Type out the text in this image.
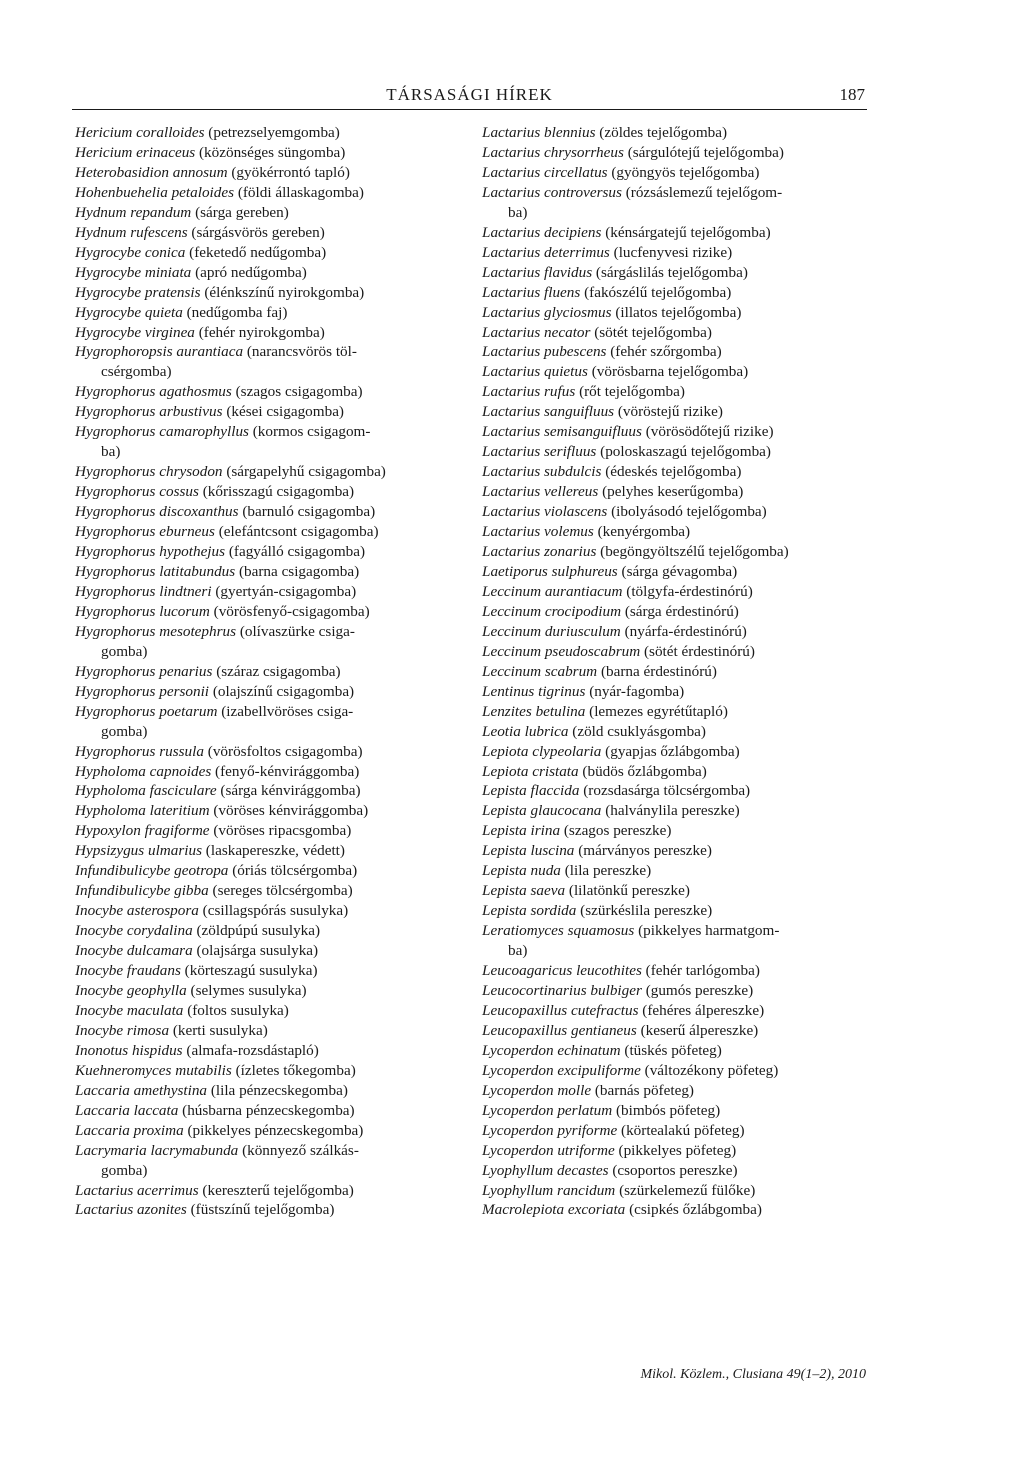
TÁRSASÁGI HÍREK	187
Hericium coralloides (petrezselyemgomba)
Hericium erinaceus (közönséges süngomba)
Heterobasidion annosum (gyökérrontó tapló)
Hohenbuehelia petaloides (földi állaskagomba)
Hydnum repandum (sárga gereben)
Hydnum rufescens (sárgásvörös gereben)
Hygrocybe conica (feketedő nedűgomba)
Hygrocybe miniata (apró nedűgomba)
Hygrocybe pratensis (élénkszínű nyirokgomba)
Hygrocybe quieta (nedűgomba faj)
Hygrocybe virginea (fehér nyirokgomba)
Hygrophoropsis aurantiaca (narancsvörös töl-
csérgomba)
Hygrophorus agathosmus (szagos csigagomba)
Hygrophorus arbustivus (kései csigagomba)
Hygrophorus camarophyllus (kormos csigagom-
ba)
Hygrophorus chrysodon (sárgapelyhű csigagomba)
Hygrophorus cossus (kőrisszagú csigagomba)
Hygrophorus discoxanthus (barnuló csigagomba)
Hygrophorus eburneus (elefántcsont csigagomba)
Hygrophorus hypothejus (fagyálló csigagomba)
Hygrophorus latitabundus (barna csigagomba)
Hygrophorus lindtneri (gyertyán-csigagomba)
Hygrophorus lucorum (vörösfenyő-csigagomba)
Hygrophorus mesotephrus (olívaszürke csiga-
gomba)
Hygrophorus penarius (száraz csigagomba)
Hygrophorus personii (olajszínű csigagomba)
Hygrophorus poetarum (izabellvöröses csiga-
gomba)
Hygrophorus russula (vörösfoltos csigagomba)
Hypholoma capnoides (fenyő-kénvirággomba)
Hypholoma fasciculare (sárga kénvirággomba)
Hypholoma lateritium (vöröses kénvirággomba)
Hypoxylon fragiforme (vöröses ripacsgomba)
Hypsizygus ulmarius (laskapereszke, védett)
Infundibulicybe geotropa (óriás tölcsérgomba)
Infundibulicybe gibba (sereges tölcsérgomba)
Inocybe asterospora (csillagspórás susulyka)
Inocybe corydalina (zöldpúpú susulyka)
Inocybe dulcamara (olajsárga susulyka)
Inocybe fraudans (körteszagú susulyka)
Inocybe geophylla (selymes susulyka)
Inocybe maculata (foltos susulyka)
Inocybe rimosa (kerti susulyka)
Inonotus hispidus (almafa-rozsdástapló)
Kuehneromyces mutabilis (ízletes tőkegomba)
Laccaria amethystina (lila pénzecskegomba)
Laccaria laccata (húsbarna pénzecskegomba)
Laccaria proxima (pikkelyes pénzecskegomba)
Lacrymaria lacrymabunda (könnyező szálkás-
gomba)
Lactarius acerrimus (kereszterű tejelőgomba)
Lactarius azonites (füstszínű tejelőgomba)
Lactarius blennius (zöldes tejelőgomba)
Lactarius chrysorrheus (sárgulótejű tejelőgomba)
Lactarius circellatus (gyöngyös tejelőgomba)
Lactarius controversus (rózsáslemezű tejelőgom-
ba)
Lactarius decipiens (kénsárgatejű tejelőgomba)
Lactarius deterrimus (lucfenyvesi rizike)
Lactarius flavidus (sárgáslilás tejelőgomba)
Lactarius fluens (fakószélű tejelőgomba)
Lactarius glyciosmus (illatos tejelőgomba)
Lactarius necator (sötét tejelőgomba)
Lactarius pubescens (fehér szőrgomba)
Lactarius quietus (vörösbarna tejelőgomba)
Lactarius rufus (rőt tejelőgomba)
Lactarius sanguifluus (vöröstejű rizike)
Lactarius semisanguifluus (vörösödőtejű rizike)
Lactarius serifluus (poloskaszagú tejelőgomba)
Lactarius subdulcis (édeskés tejelőgomba)
Lactarius vellereus (pelyhes keserűgomba)
Lactarius violascens (ibolyásodó tejelőgomba)
Lactarius volemus (kenyérgomba)
Lactarius zonarius (begöngyöltszélű tejelőgomba)
Laetiporus sulphureus (sárga gévagomba)
Leccinum aurantiacum (tölgyfa-érdestinórú)
Leccinum crocipodium (sárga érdestinórú)
Leccinum duriusculum (nyárfa-érdestinórú)
Leccinum pseudoscabrum (sötét érdestinórú)
Leccinum scabrum (barna érdestinórú)
Lentinus tigrinus (nyár-fagomba)
Lenzites betulina (lemezes egyrétűtapló)
Leotia lubrica (zöld csuklyásgomba)
Lepiota clypeolaria (gyapjas őzlábgomba)
Lepiota cristata (büdös őzlábgomba)
Lepista flaccida (rozsdasárga tölcsérgomba)
Lepista glaucocana (halványlila pereszke)
Lepista irina (szagos pereszke)
Lepista luscina (márványos pereszke)
Lepista nuda (lila pereszke)
Lepista saeva (lilatönkű pereszke)
Lepista sordida (szürkéslila pereszke)
Leratiomyces squamosus (pikkelyes harmatgom-
ba)
Leucoagaricus leucothites (fehér tarlógomba)
Leucocortinarius bulbiger (gumós pereszke)
Leucopaxillus cutefractus (fehéres álpereszke)
Leucopaxillus gentianeus (keserű álpereszke)
Lycoperdon echinatum (tüskés pöfeteg)
Lycoperdon excipuliforme (változékony pöfeteg)
Lycoperdon molle (barnás pöfeteg)
Lycoperdon perlatum (bimbós pöfeteg)
Lycoperdon pyriforme (körtealakú pöfeteg)
Lycoperdon utriforme (pikkelyes pöfeteg)
Lyophyllum decastes (csoportos pereszke)
Lyophyllum rancidum (szürkelemezű fülőke)
Macrolepiota excoriata (csipkés őzlábgomba)
Mikol. Közlem., Clusiana 49(1–2), 2010
